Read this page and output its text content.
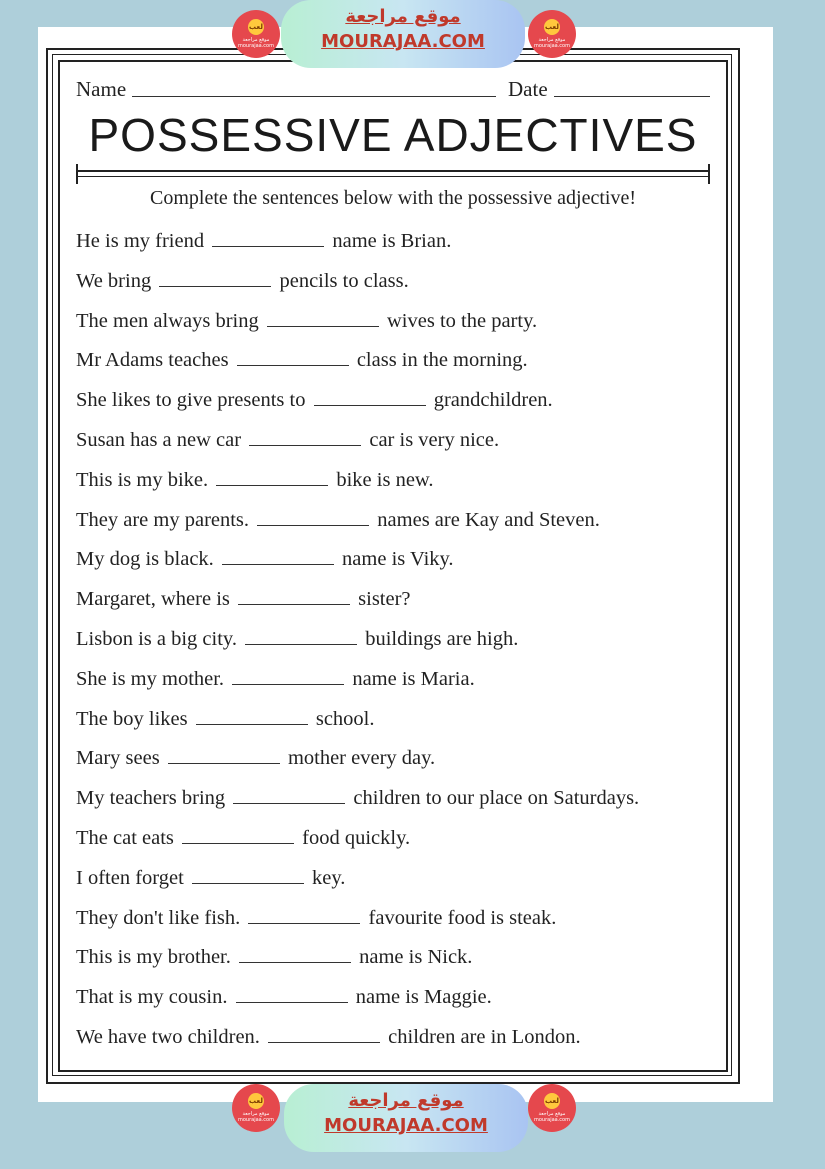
Name	Date
POSSESSIVE ADJECTIVES
Complete the sentences below with the possessive adjective!
He is my friend	name is Brian.
We bring	pencils to class.
The men always bring	wives to the party.
Mr Adams teaches	class in the morning.
She likes to give presents to	grandchildren.
Susan has a new car	car is very nice.
This is my bike.	bike is new.
They are my parents.	names are Kay and Steven.
My dog is black.	name is Viky.
Margaret, where is	sister?
Lisbon is a big city.	buildings are high.
She is my mother.	name is Maria.
The boy likes	school.
Mary sees	mother every day.
My teachers bring	children to our place on Saturdays.
The cat eats	food quickly.
I often forget	key.
They don't like fish.	favourite food is steak.
This is my brother.	name is Nick.
That is my cousin.	name is Maggie.
We have two children.	children are in London.
لعب
موقع مراجعة mourajaa.com
موقع مراجعة
MOURAJAA.COM
لعب
موقع مراجعة mourajaa.com
لعب
موقع مراجعة mourajaa.com
موقع مراجعة
MOURAJAA.COM
لعب
موقع مراجعة mourajaa.com
